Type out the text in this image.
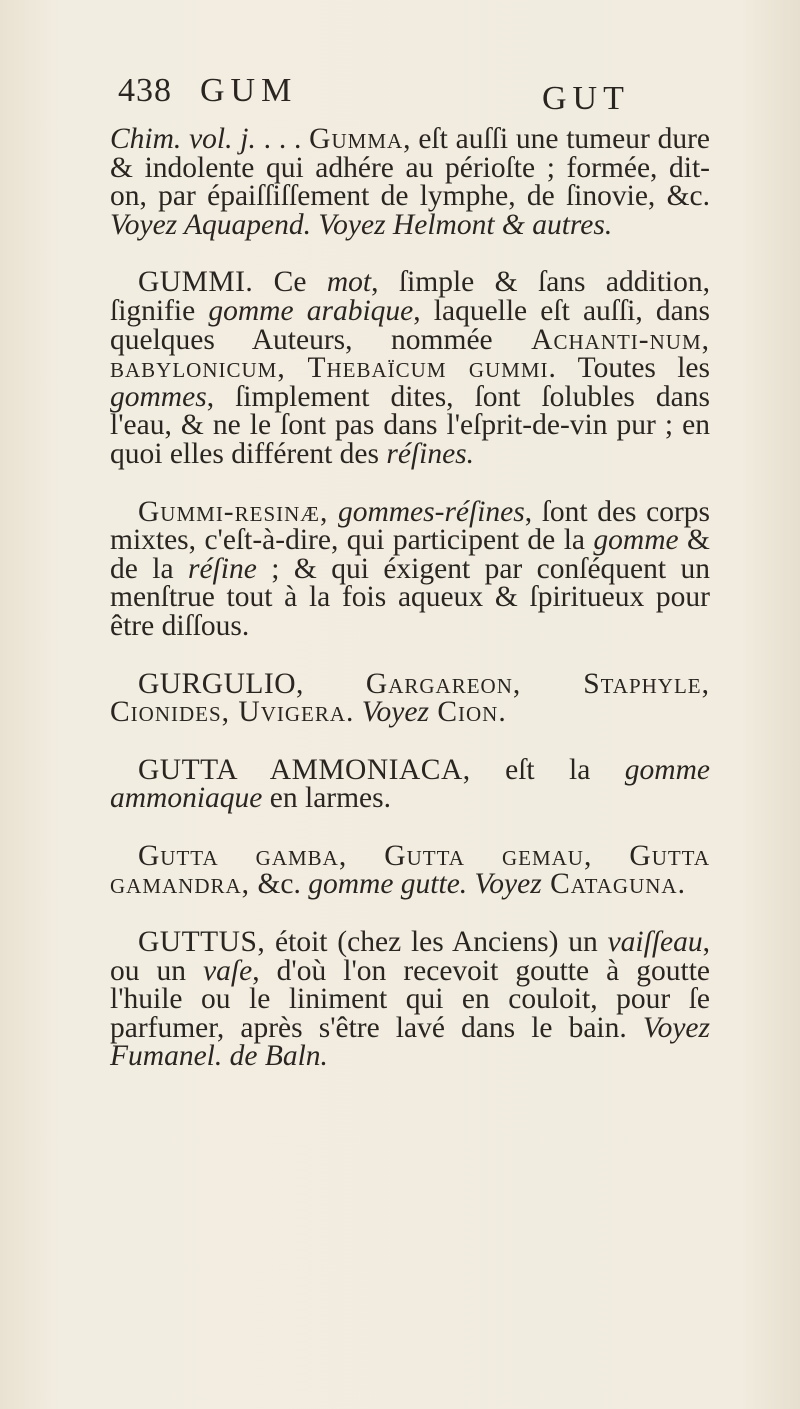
438 GUM	GUT

Chim. vol. j. . . . Gumma, eſt auſſi une tumeur dure & indolente qui adhére au périoſte ; formée, dit-on, par épaiſſiſſement de lymphe, de ſinovie, &c. Voyez Aquapend. Voyez Helmont & autres.

GUMMI. Ce mot, ſimple & ſans addition, ſignifie gomme arabique, laquelle eſt auſſi, dans quelques Auteurs, nommée Achanti-num, babylonicum, Thebaïcum gummi. Toutes les gommes, ſimplement dites, ſont ſolubles dans l'eau, & ne le ſont pas dans l'eſprit-de-vin pur ; en quoi elles différent des réſines.

Gummi-resinæ, gommes-réſines, ſont des corps mixtes, c'eſt-à-dire, qui participent de la gomme & de la réſine ; & qui éxigent par conſéquent un menſtrue tout à la fois aqueux & ſpiritueux pour être diſſous.

GURGULIO, Gargareon, Staphyle, Cionides, Uvigera. Voyez Cion.

GUTTA AMMONIACA, eſt la gomme ammoniaque en larmes.

Gutta gamba, Gutta gemau, Gutta gamandra, &c. gomme gutte. Voyez Cataguna.

GUTTUS, étoit (chez les Anciens) un vaiſſeau, ou un vaſe, d'où l'on recevoit goutte à goutte l'huile ou le liniment qui en couloit, pour ſe parfumer, après s'être lavé dans le bain. Voyez Fumanel. de Baln.
